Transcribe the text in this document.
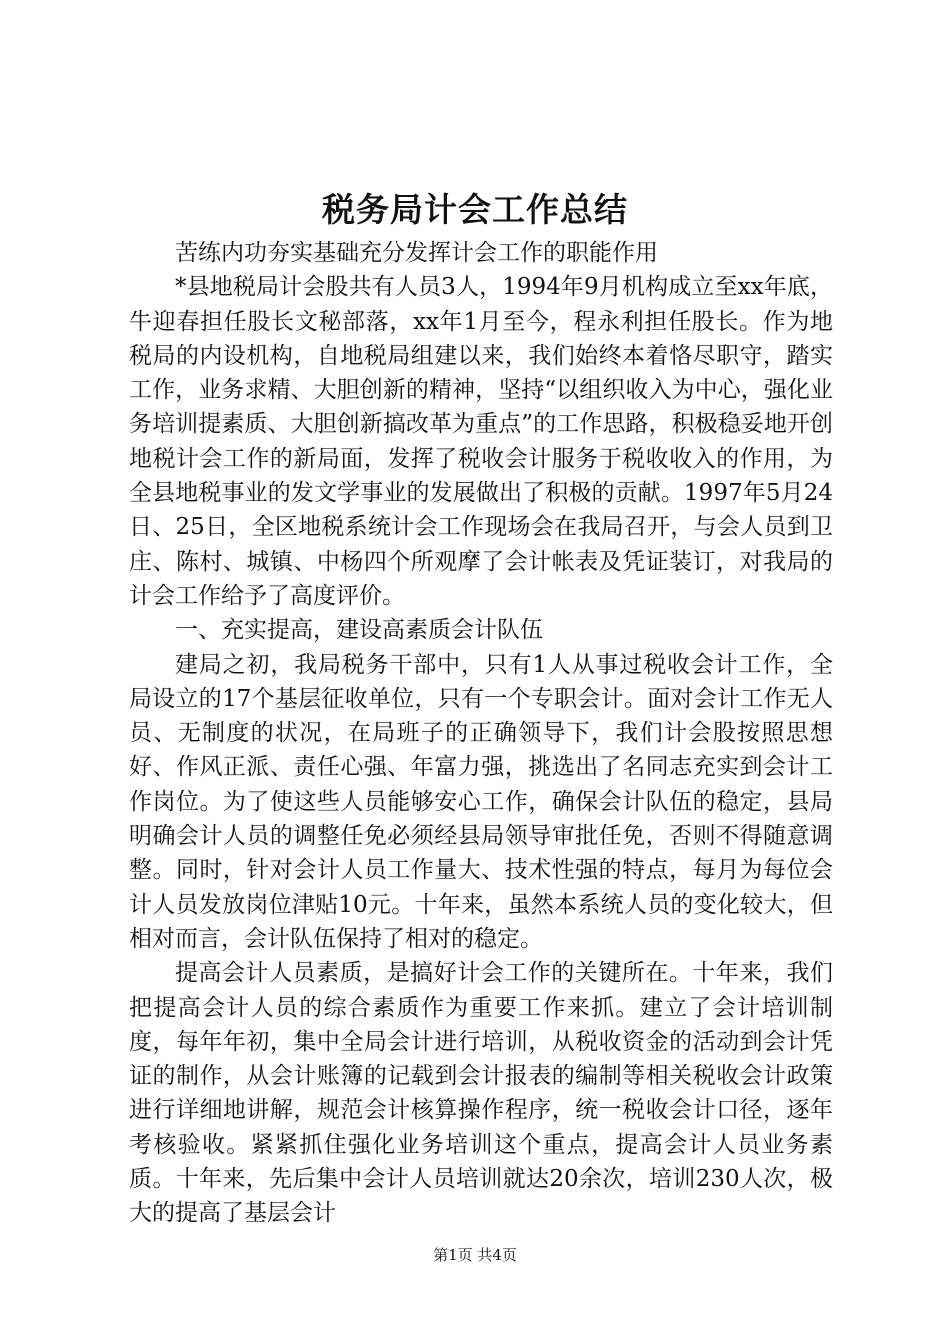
税务局计会工作总结

苦练内功夯实基础充分发挥计会工作的职能作用

*县地税局计会股共有人员3人，1994年9月机构成立至xx年底，牛迎春担任股长文秘部落，xx年1月至今，程永利担任股长。作为地税局的内设机构，自地税局组建以来，我们始终本着恪尽职守，踏实工作，业务求精、大胆创新的精神，坚持“以组织收入为中心，强化业务培训提素质、大胆创新搞改革为重点”的工作思路，积极稳妥地开创地税计会工作的新局面，发挥了税收会计服务于税收收入的作用，为全县地税事业的发文学事业的发展做出了积极的贡献。1997年5月24日、25日，全区地税系统计会工作现场会在我局召开，与会人员到卫庄、陈村、城镇、中杨四个所观摩了会计帐表及凭证装订，对我局的计会工作给予了高度评价。

一、充实提高，建设高素质会计队伍

建局之初，我局税务干部中，只有1人从事过税收会计工作，全局设立的17个基层征收单位，只有一个专职会计。面对会计工作无人员、无制度的状况，在局班子的正确领导下，我们计会股按照思想好、作风正派、责任心强、年富力强，挑选出了名同志充实到会计工作岗位。为了使这些人员能够安心工作，确保会计队伍的稳定，县局明确会计人员的调整任免必须经县局领导审批任免，否则不得随意调整。同时，针对会计人员工作量大、技术性强的特点，每月为每位会计人员发放岗位津贴10元。十年来，虽然本系统人员的变化较大，但相对而言，会计队伍保持了相对的稳定。

提高会计人员素质，是搞好计会工作的关键所在。十年来，我们把提高会计人员的综合素质作为重要工作来抓。建立了会计培训制度，每年年初，集中全局会计进行培训，从税收资金的活动到会计凭证的制作，从会计账簿的记载到会计报表的编制等相关税收会计政策进行详细地讲解，规范会计核算操作程序，统一税收会计口径，逐年考核验收。紧紧抓住强化业务培训这个重点，提高会计人员业务素质。十年来，先后集中会计人员培训就达20余次，培训230人次，极大的提高了基层会计

第1页 共4页
